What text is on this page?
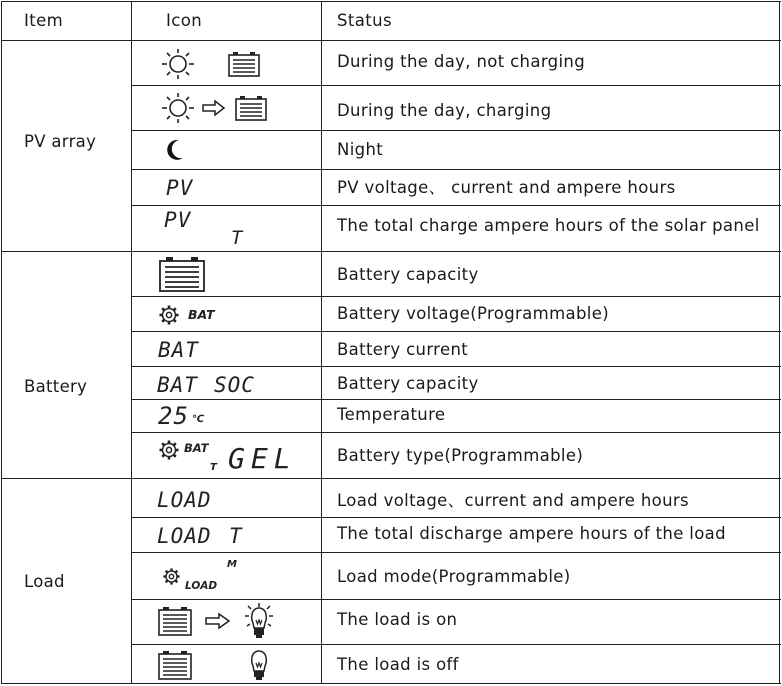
Item	Icon	Status
PV array
Battery
Load
During the day, not charging
During the day, charging
Night
PV voltage、 current and ampere hours
The total charge ampere hours of the solar panel
Battery capacity
Battery voltage(Programmable)
Battery current
Battery capacity
Temperature
Battery type(Programmable)
Load voltage、current and ampere hours
The total discharge ampere hours of the load
Load mode(Programmable)
The load is on
The load is off
PV
PV
T
BAT
BAT
BAT SOC
25 ℃
BAT
T GEL
LOAD
LOAD T
LOAD
M
